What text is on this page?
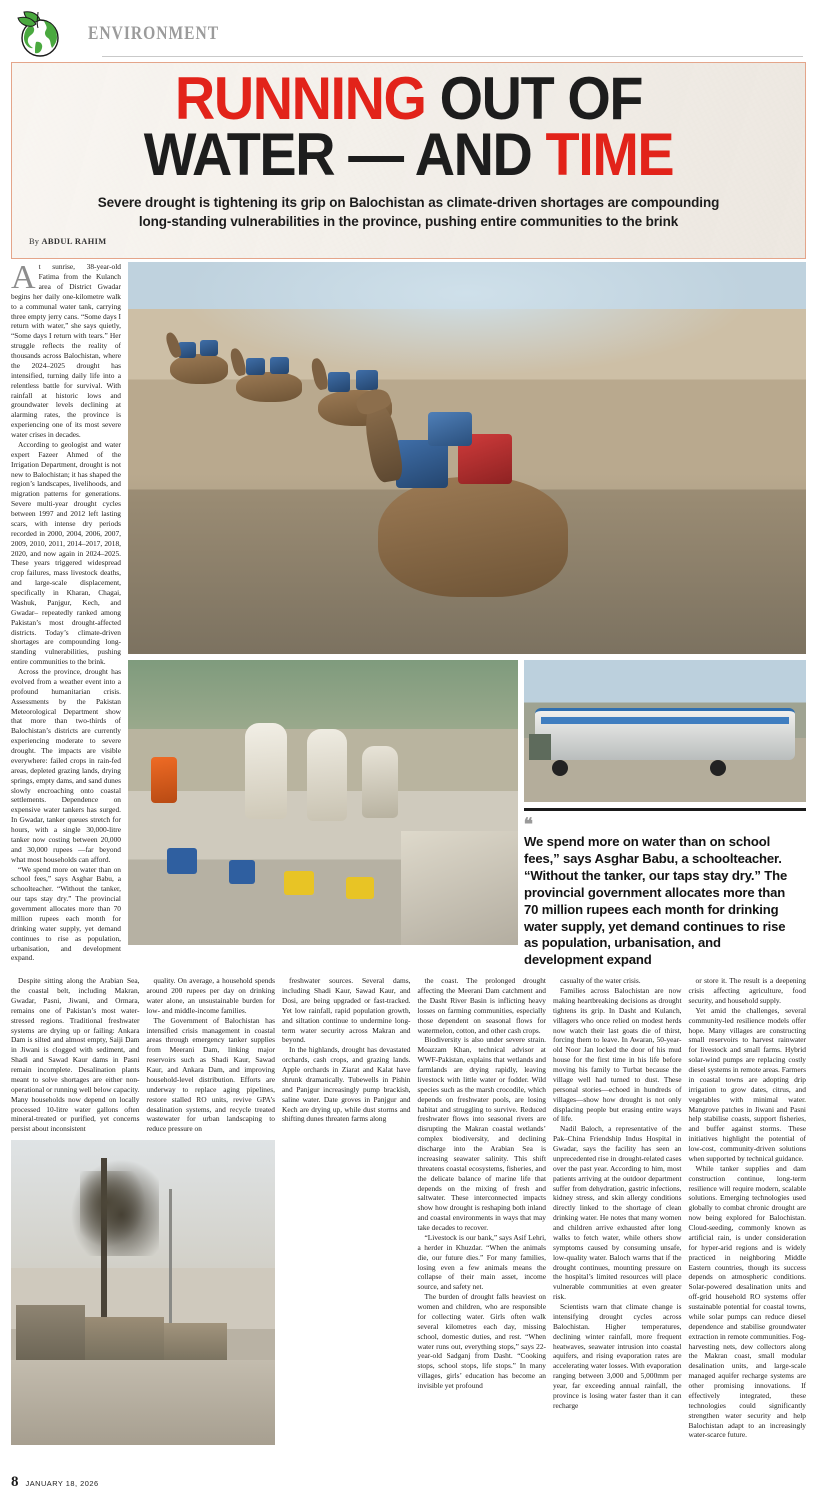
ENVIRONMENT
RUNNING OUT OF
WATER — AND TIME
Severe drought is tightening its grip on Balochistan as climate-driven shortages are compounding
long-standing vulnerabilities in the province, pushing entire communities to the brink
By ABDUL RAHIM

At sunrise, 38-year-old Fatima from the Kulanch area of District Gwadar begins her daily one-kilometre walk to a communal water tank, carrying three empty jerry cans. “Some days I return with water,” she says quietly, “Some days I return with tears.” Her struggle reflects the reality of thousands across Balochistan, where the 2024–2025 drought has intensified, turning daily life into a relentless battle for survival. With rainfall at historic lows and groundwater levels declining at alarming rates, the province is experiencing one of its most severe water crises in decades.

According to geologist and water expert Fazeer Ahmed of the Irrigation Department, drought is not new to Balochistan; it has shaped the region’s landscapes, livelihoods, and migration patterns for generations. Severe multi-year drought cycles between 1997 and 2012 left lasting scars, with intense dry periods recorded in 2000, 2004, 2006, 2007, 2009, 2010, 2011, 2014–2017, 2018, 2020, and now again in 2024–2025. These years triggered widespread crop failures, mass livestock deaths, and large-scale displacement, specifically in Kharan, Chagai, Washuk, Panjgur, Kech, and Gwadar– repeatedly ranked among Pakistan’s most drought-affected districts. Today’s climate-driven shortages are compounding long-standing vulnerabilities, pushing entire communities to the brink.

Across the province, drought has evolved from a weather event into a profound humanitarian crisis. Assessments by the Pakistan Meteorological Department show that more than two-thirds of Balochistan’s districts are currently experiencing moderate to severe drought. The impacts are visible everywhere: failed crops in rain-fed areas, depleted grazing lands, drying springs, empty dams, and sand dunes slowly encroaching onto coastal settlements. Dependence on expensive water tankers has surged. In Gwadar, tanker queues stretch for hours, with a single 30,000-litre tanker now costing between 20,000 and 30,000 rupees —far beyond what most households can afford.

“We spend more on water than on school fees,” says Asghar Babu, a schoolteacher. “Without the tanker, our taps stay dry.” The provincial government allocates more than 70 million rupees each month for drinking water supply, yet demand continues to rise as population, urbanisation, and development expand.

❝
We spend more on water than on school fees,” says Asghar Babu, a schoolteacher. “Without the tanker, our taps stay dry.” The provincial government allocates more than 70 million rupees each month for drinking water supply, yet demand continues to rise as population, urbanisation, and development expand

Despite sitting along the Arabian Sea, the coastal belt, including Makran, Gwadar, Pasni, Jiwani, and Ormara, remains one of Pakistan’s most water-stressed regions. Traditional freshwater systems are drying up or failing: Ankara Dam is silted and almost empty, Saiji Dam in Jiwani is clogged with sediment, and Shadi and Sawad Kaur dams in Pasni remain incomplete. Desalination plants meant to solve shortages are either non-operational or running well below capacity. Many households now depend on locally processed 10-litre water gallons often mineral-treated or purified, yet concerns persist about inconsistent

quality. On average, a household spends around 200 rupees per day on drinking water alone, an unsustainable burden for low- and middle-income families.

The Government of Balochistan has intensified crisis management in coastal areas through emergency tanker supplies from Meerani Dam, linking major reservoirs such as Shadi Kaur, Sawad Kaur, and Ankara Dam, and improving household-level distribution. Efforts are underway to replace aging pipelines, restore stalled RO units, revive GPA’s desalination systems, and recycle treated wastewater for urban landscaping to reduce pressure on

freshwater sources. Several dams, including Shadi Kaur, Sawad Kaur, and Dosi, are being upgraded or fast-tracked. Yet low rainfall, rapid population growth, and siltation continue to undermine long-term water security across Makran and beyond.

In the highlands, drought has devastated orchards, cash crops, and grazing lands. Apple orchards in Ziarat and Kalat have shrunk dramatically. Tubewells in Pishin and Panjgur increasingly pump brackish, saline water. Date groves in Panjgur and Kech are drying up, while dust storms and shifting dunes threaten farms along

the coast. The prolonged drought affecting the Meerani Dam catchment and the Dasht River Basin is inflicting heavy losses on farming communities, especially those dependent on seasonal flows for watermelon, cotton, and other cash crops.

Biodiversity is also under severe strain. Moazzam Khan, technical advisor at WWF-Pakistan, explains that wetlands and farmlands are drying rapidly, leaving livestock with little water or fodder. Wild species such as the marsh crocodile, which depends on freshwater pools, are losing habitat and struggling to survive. Reduced freshwater flows into seasonal rivers are disrupting the Makran coastal wetlands’ complex biodiversity, and declining discharge into the Arabian Sea is increasing seawater salinity. This shift threatens coastal ecosystems, fisheries, and the delicate balance of marine life that depends on the mixing of fresh and saltwater. These interconnected impacts show how drought is reshaping both inland and coastal environments in ways that may take decades to recover.

“Livestock is our bank,” says Asif Lehri, a herder in Khuzdar. “When the animals die, our future dies.” For many families, losing even a few animals means the collapse of their main asset, income source, and safety net.

The burden of drought falls heaviest on women and children, who are responsible for collecting water. Girls often walk several kilometres each day, missing school, domestic duties, and rest. “When water runs out, everything stops,” says 22-year-old Sadganj from Dasht. “Cooking stops, school stops, life stops.” In many villages, girls’ education has become an invisible yet profound

casualty of the water crisis.

Families across Balochistan are now making heartbreaking decisions as drought tightens its grip. In Dasht and Kulanch, villagers who once relied on modest herds now watch their last goats die of thirst, forcing them to leave. In Awaran, 50-year-old Noor Jan locked the door of his mud house for the first time in his life before moving his family to Turbat because the village well had turned to dust. These personal stories—echoed in hundreds of villages—show how drought is not only displacing people but erasing entire ways of life.

Nadil Baloch, a representative of the Pak–China Friendship Indus Hospital in Gwadar, says the facility has seen an unprecedented rise in drought-related cases over the past year. According to him, most patients arriving at the outdoor department suffer from dehydration, gastric infections, kidney stress, and skin allergy conditions directly linked to the shortage of clean drinking water. He notes that many women and children arrive exhausted after long walks to fetch water, while others show symptoms caused by consuming unsafe, low-quality water. Baloch warns that if the drought continues, mounting pressure on the hospital’s limited resources will place vulnerable communities at even greater risk.

Scientists warn that climate change is intensifying drought cycles across Balochistan. Higher temperatures, declining winter rainfall, more frequent heatwaves, seawater intrusion into coastal aquifers, and rising evaporation rates are accelerating water losses. With evaporation ranging between 3,000 and 5,000mm per year, far exceeding annual rainfall, the province is losing water faster than it can recharge

or store it. The result is a deepening crisis affecting agriculture, food security, and household supply.

Yet amid the challenges, several community-led resilience models offer hope. Many villages are constructing small reservoirs to harvest rainwater for livestock and small farms. Hybrid solar-wind pumps are replacing costly diesel systems in remote areas. Farmers in coastal towns are adopting drip irrigation to grow dates, citrus, and vegetables with minimal water. Mangrove patches in Jiwani and Pasni help stabilise coasts, support fisheries, and buffer against storms. These initiatives highlight the potential of low-cost, community-driven solutions when supported by technical guidance.

While tanker supplies and dam construction continue, long-term resilience will require modern, scalable solutions. Emerging technologies used globally to combat chronic drought are now being explored for Balochistan. Cloud-seeding, commonly known as artificial rain, is under consideration for hyper-arid regions and is widely practiced in neighboring Middle Eastern countries, though its success depends on atmospheric conditions. Solar-powered desalination units and off-grid household RO systems offer sustainable potential for coastal towns, while solar pumps can reduce diesel dependence and stabilise groundwater extraction in remote communities. Fog-harvesting nets, dew collectors along the Makran coast, small modular desalination units, and large-scale managed aquifer recharge systems are other promising innovations. If effectively integrated, these technologies could significantly strengthen water security and help Balochistan adapt to an increasingly water-scarce future.

8 JANUARY 18, 2026
